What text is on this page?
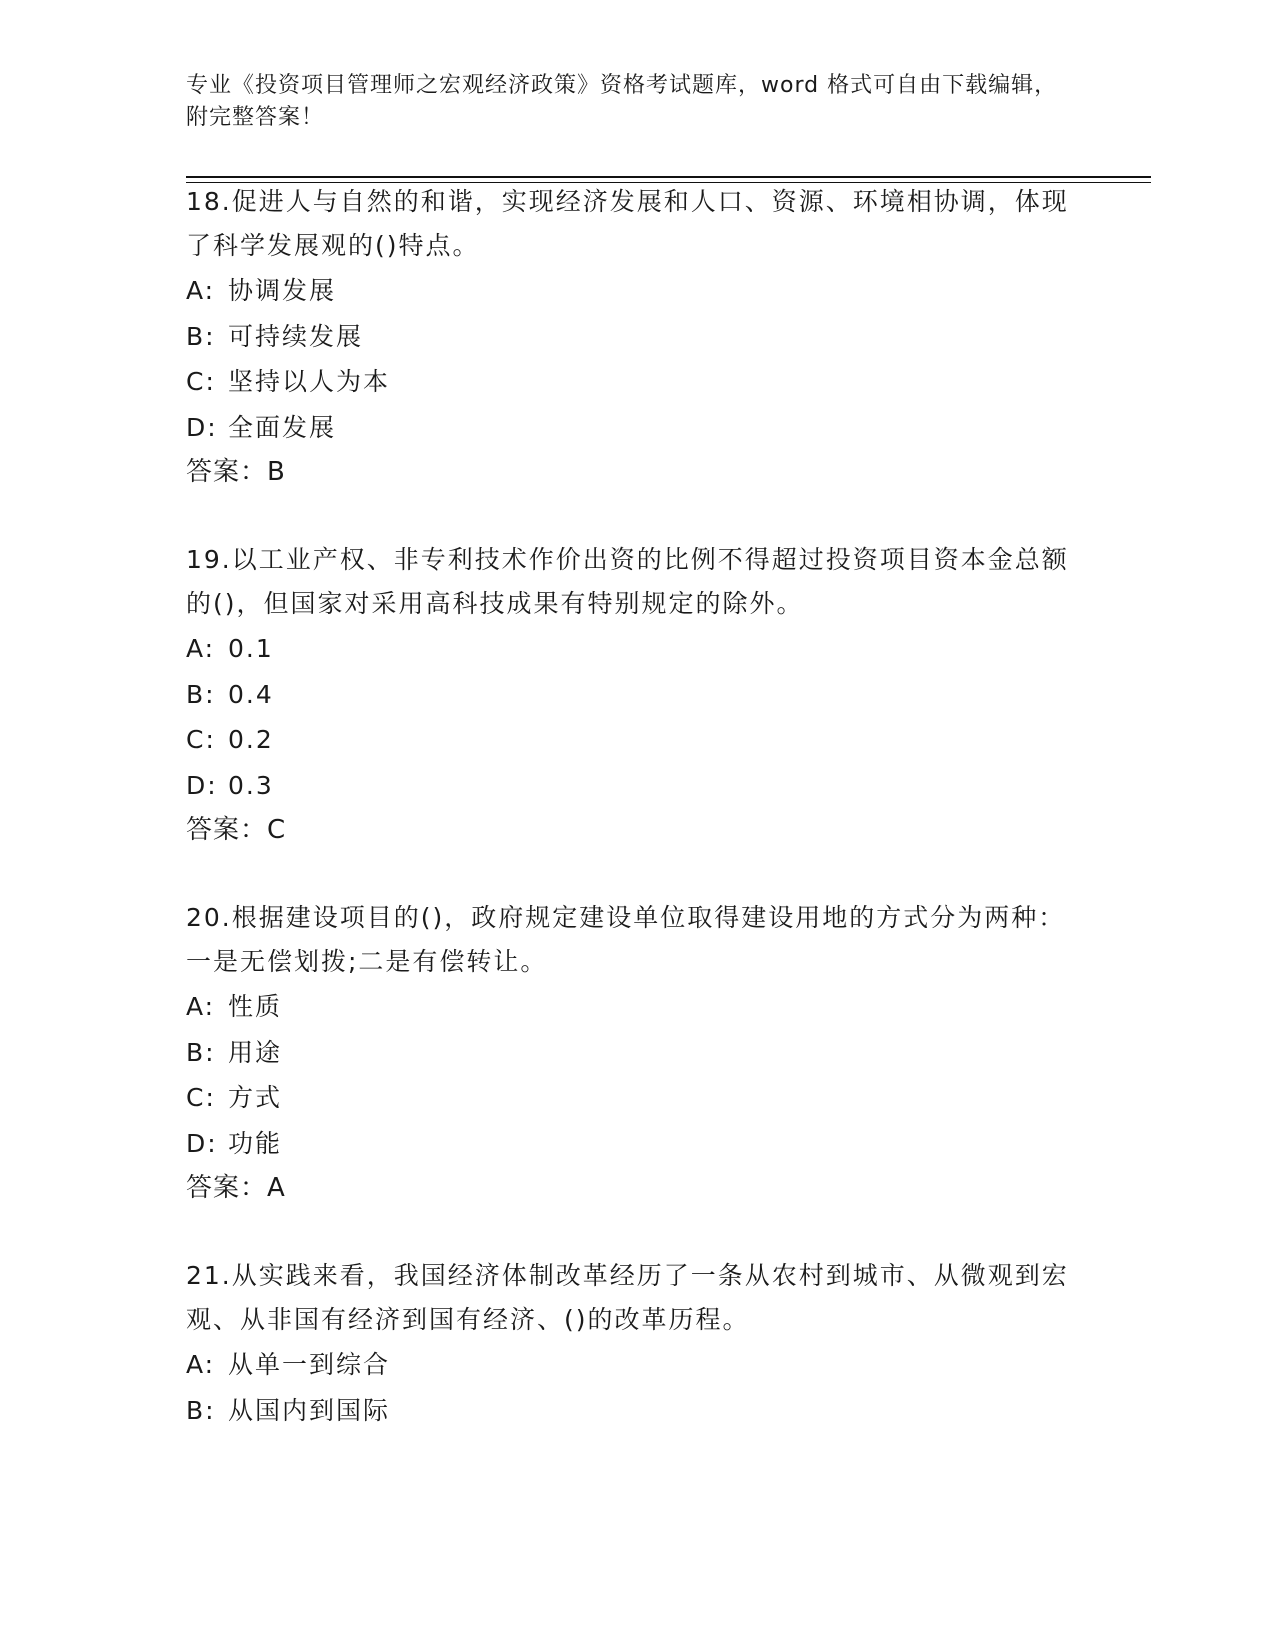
专业《投资项目管理师之宏观经济政策》资格考试题库，word 格式可自由下载编辑，附完整答案！

18.促进人与自然的和谐，实现经济发展和人口、资源、环境相协调，体现了科学发展观的()特点。

A: 协调发展
B: 可持续发展
C: 坚持以人为本
D: 全面发展
答案：B

19.以工业产权、非专利技术作价出资的比例不得超过投资项目资本金总额的()，但国家对采用高科技成果有特别规定的除外。

A: 0.1
B: 0.4
C: 0.2
D: 0.3
答案：C

20.根据建设项目的()，政府规定建设单位取得建设用地的方式分为两种：一是无偿划拨;二是有偿转让。

A: 性质
B: 用途
C: 方式
D: 功能
答案：A

21.从实践来看，我国经济体制改革经历了一条从农村到城市、从微观到宏观、从非国有经济到国有经济、()的改革历程。

A: 从单一到综合
B: 从国内到国际
